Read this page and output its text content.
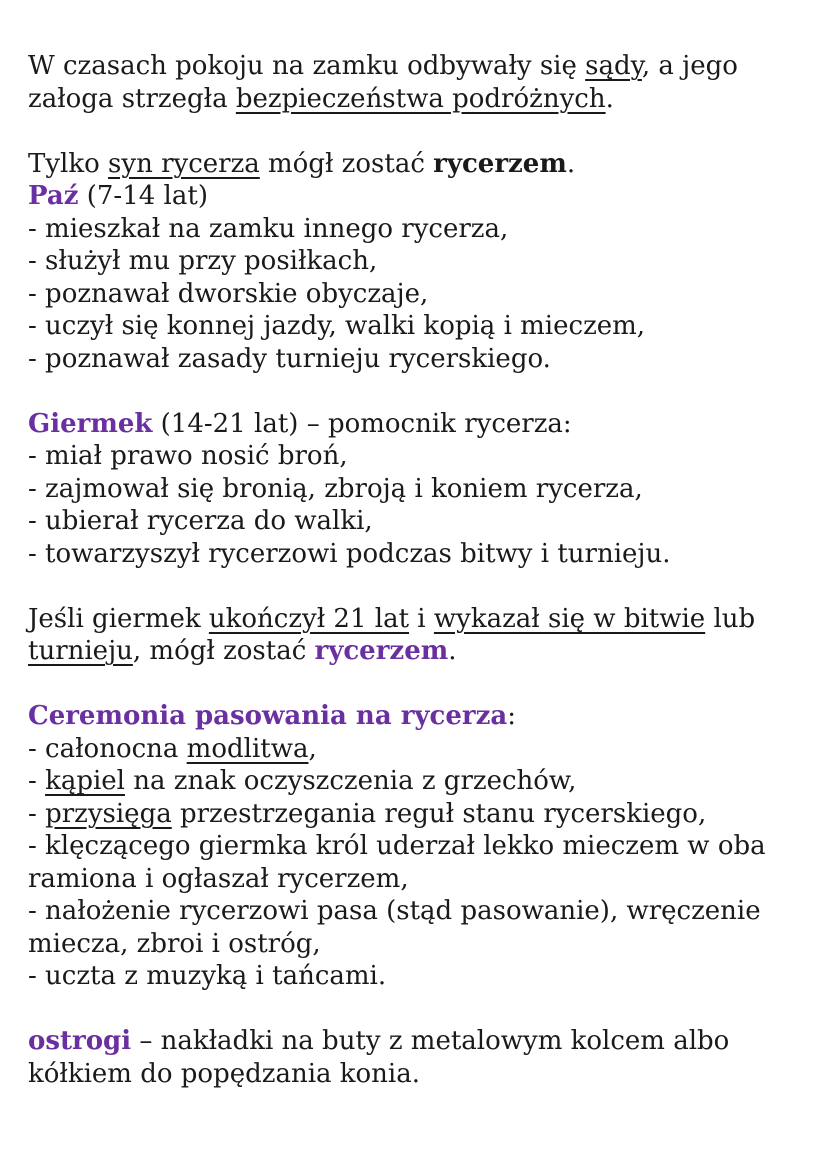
W czasach pokoju na zamku odbywały się sądy, a jego załoga strzegła bezpieczeństwa podróżnych.

Tylko syn rycerza mógł zostać rycerzem.
Paź (7-14 lat)
- mieszkał na zamku innego rycerza,
- służył mu przy posiłkach,
- poznawał dworskie obyczaje,
- uczył się konnej jazdy, walki kopią i mieczem,
- poznawał zasady turnieju rycerskiego.
Giermek (14-21 lat) – pomocnik rycerza:
- miał prawo nosić broń,
- zajmował się bronią, zbroją i koniem rycerza,
- ubierał rycerza do walki,
- towarzyszył rycerzowi podczas bitwy i turnieju.

Jeśli giermek ukończył 21 lat i wykazał się w bitwie lub turnieju, mógł zostać rycerzem.

Ceremonia pasowania na rycerza:
- całonocna modlitwa,
- kąpiel na znak oczyszczenia z grzechów,
- przysięga przestrzegania reguł stanu rycerskiego,
- klęczącego giermka król uderzał lekko mieczem w oba ramiona i ogłaszał rycerzem,
- nałożenie rycerzowi pasa (stąd pasowanie), wręczenie miecza, zbroi i ostróg,
- uczta z muzyką i tańcami.

ostrogi – nakładki na buty z metalowym kolcem albo kółkiem do popędzania konia.
